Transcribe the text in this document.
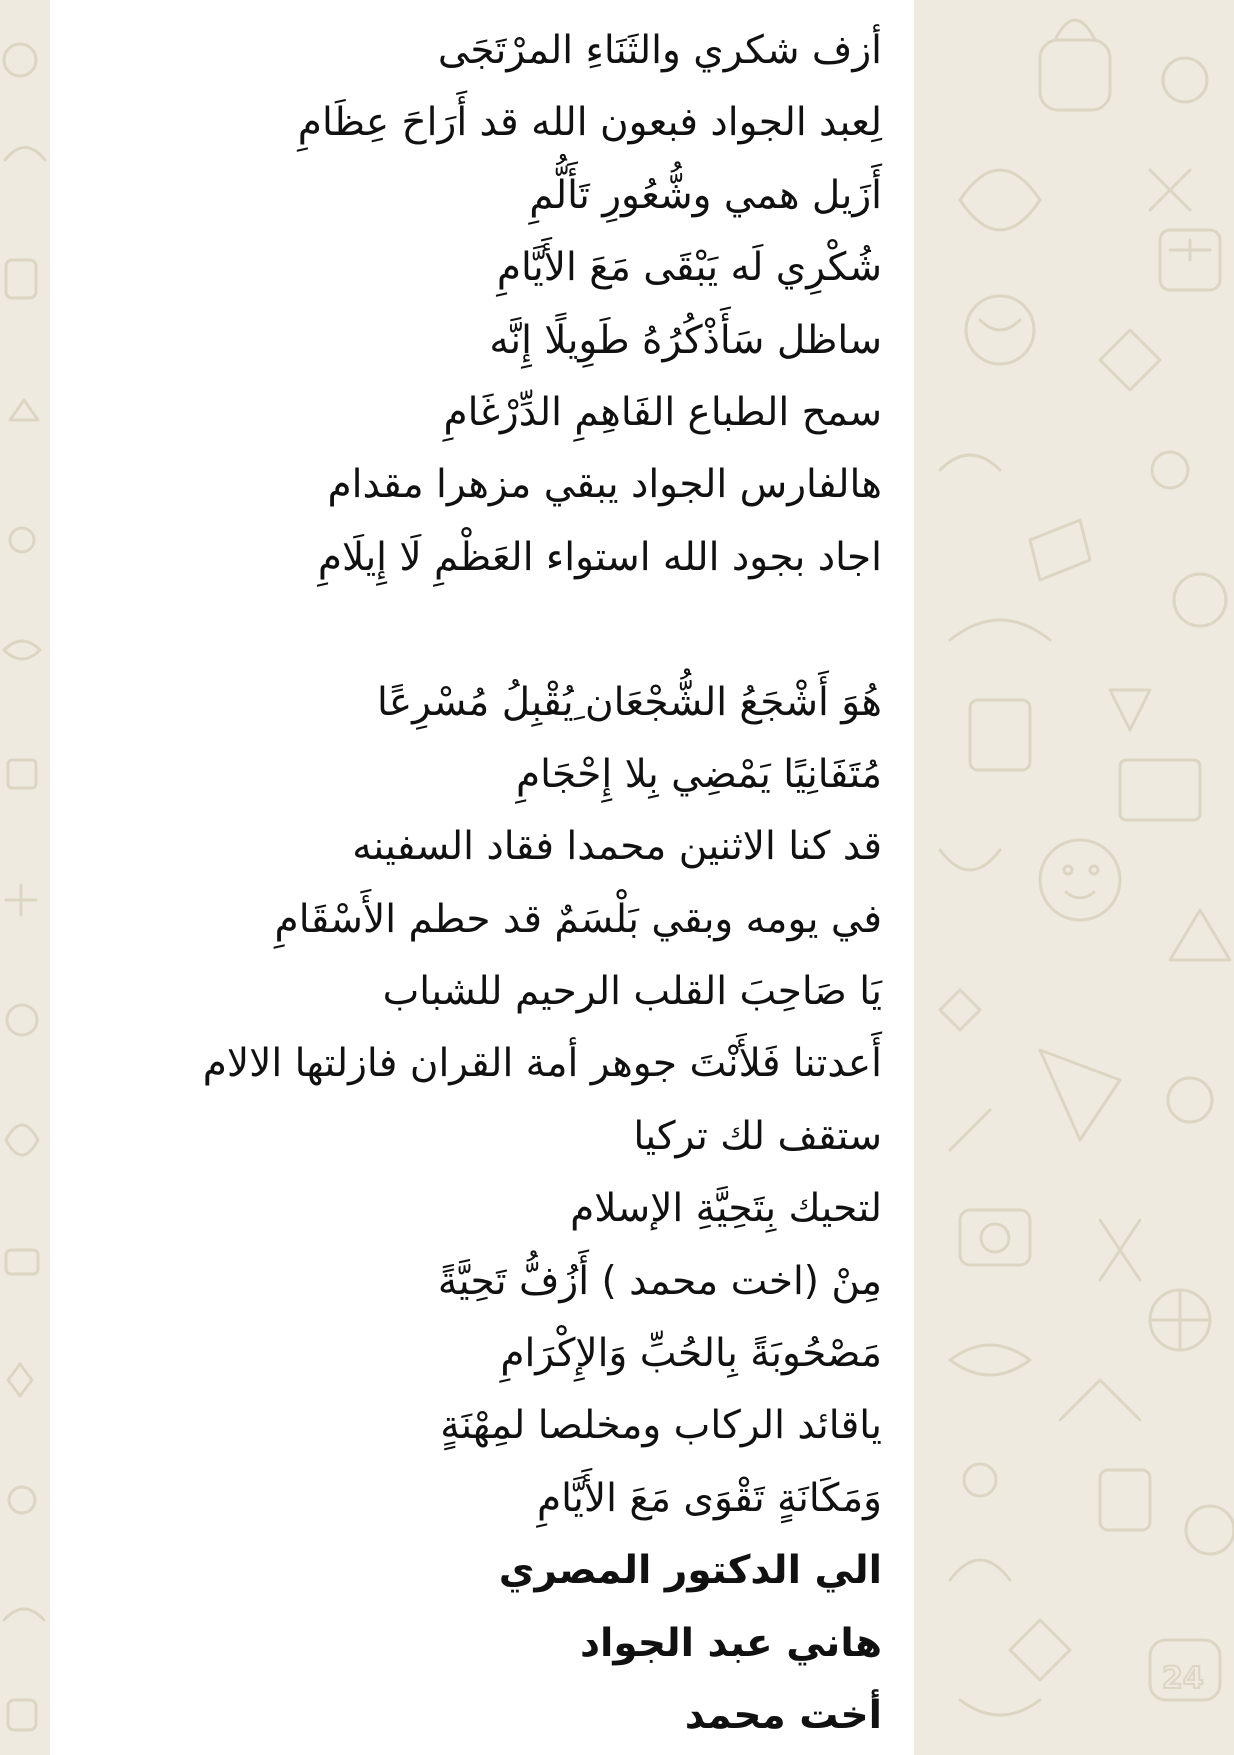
24
أزف شكري والثَنَاءِ المرْتَجَى
لِعبد الجواد فبعون الله قد أَرَاحَ عِظَامِ
أَزَيل همي وشُّعُورِ تَأَلُّمِ
شُكْرِي لَه يَبْقَى مَعَ الأَيَّامِ
ساظل سَأَذْكُرُهُ طَوِيلًا إِنَّه
سمح الطباع الفَاهِمِ الدِّرْغَامِ
هالفارس الجواد يبقي مزهرا مقدام
اجاد بجود الله استواء العَظْمِ لَا إِيلَامِ
هُوَ أَشْجَعُ الشُّجْعَان ِيُقْبِلُ مُسْرِعًا
مُتَفَانِيًا يَمْضِي بِلا إِحْجَامِ
قد كنا الاثنين محمدا فقاد السفينه
في يومه وبقي بَلْسَمٌ قد حطم الأَسْقَامِ
يَا صَاحِبَ القلب الرحيم للشباب
أَعدتنا فَلأَنْتَ جوهر أمة القران فازلتها الالام
ستقف لك تركيا
لتحيك بِتَحِيَّةِ الإسلام
مِنْ (اخت محمد ) أَزُفُّ تَحِيَّةً
مَصْحُوبَةً بِالحُبِّ وَالإِكْرَامِ
ياقائد الركاب ومخلصا لمِهْنَةٍ
وَمَكَانَةٍ تَقْوَى مَعَ الأَيَّامِ
الي الدكتور المصري
هاني عبد الجواد
أخت محمد
